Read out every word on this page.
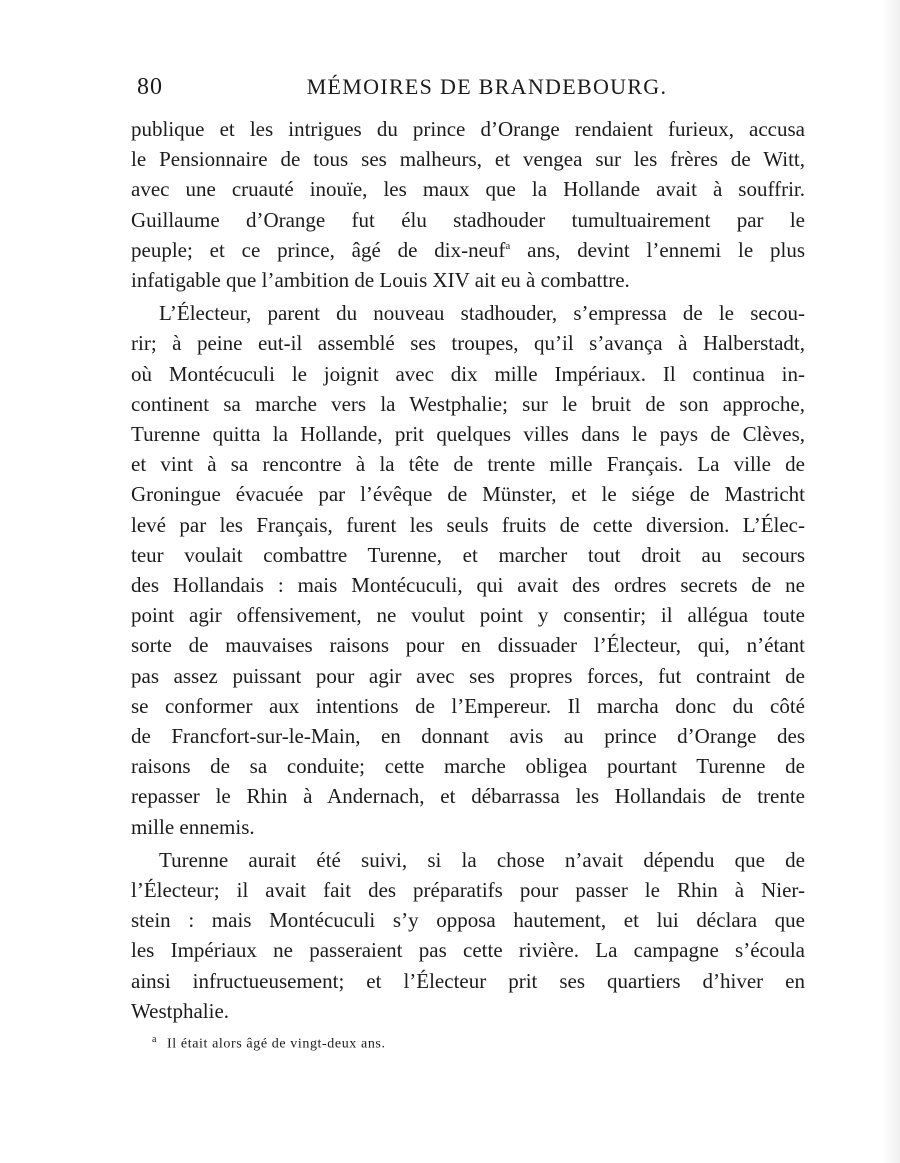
80	MÉMOIRES DE BRANDEBOURG.

publique et les intrigues du prince d’Orange rendaient furieux, accusa
le Pensionnaire de tous ses malheurs, et vengea sur les frères de Witt,
avec une cruauté inouïe, les maux que la Hollande avait à souffrir.
Guillaume d’Orange fut élu stadhouder tumultuairement par le
peuple; et ce prince, âgé de dix-neuf$^a$ ans, devint l’ennemi le plus
infatigable que l’ambition de Louis XIV ait eu à combattre.

L’Électeur, parent du nouveau stadhouder, s’empressa de le secou-
rir; à peine eut-il assemblé ses troupes, qu’il s’avança à Halberstadt,
où Montécuculi le joignit avec dix mille Impériaux. Il continua in-
continent sa marche vers la Westphalie; sur le bruit de son approche,
Turenne quitta la Hollande, prit quelques villes dans le pays de Clèves,
et vint à sa rencontre à la tête de trente mille Français. La ville de
Groningue évacuée par l’évêque de Münster, et le siége de Mastricht
levé par les Français, furent les seuls fruits de cette diversion. L’Élec-
teur voulait combattre Turenne, et marcher tout droit au secours
des Hollandais : mais Montécuculi, qui avait des ordres secrets de ne
point agir offensivement, ne voulut point y consentir; il allégua toute
sorte de mauvaises raisons pour en dissuader l’Électeur, qui, n’étant
pas assez puissant pour agir avec ses propres forces, fut contraint de
se conformer aux intentions de l’Empereur. Il marcha donc du côté
de Francfort-sur-le-Main, en donnant avis au prince d’Orange des
raisons de sa conduite; cette marche obligea pourtant Turenne de
repasser le Rhin à Andernach, et débarrassa les Hollandais de trente
mille ennemis.

Turenne aurait été suivi, si la chose n’avait dépendu que de
l’Électeur; il avait fait des préparatifs pour passer le Rhin à Nier-
stein : mais Montécuculi s’y opposa hautement, et lui déclara que
les Impériaux ne passeraient pas cette rivière. La campagne s’écoula
ainsi infructueusement; et l’Électeur prit ses quartiers d’hiver en
Westphalie.

$^a$ Il était alors âgé de vingt-deux ans.
